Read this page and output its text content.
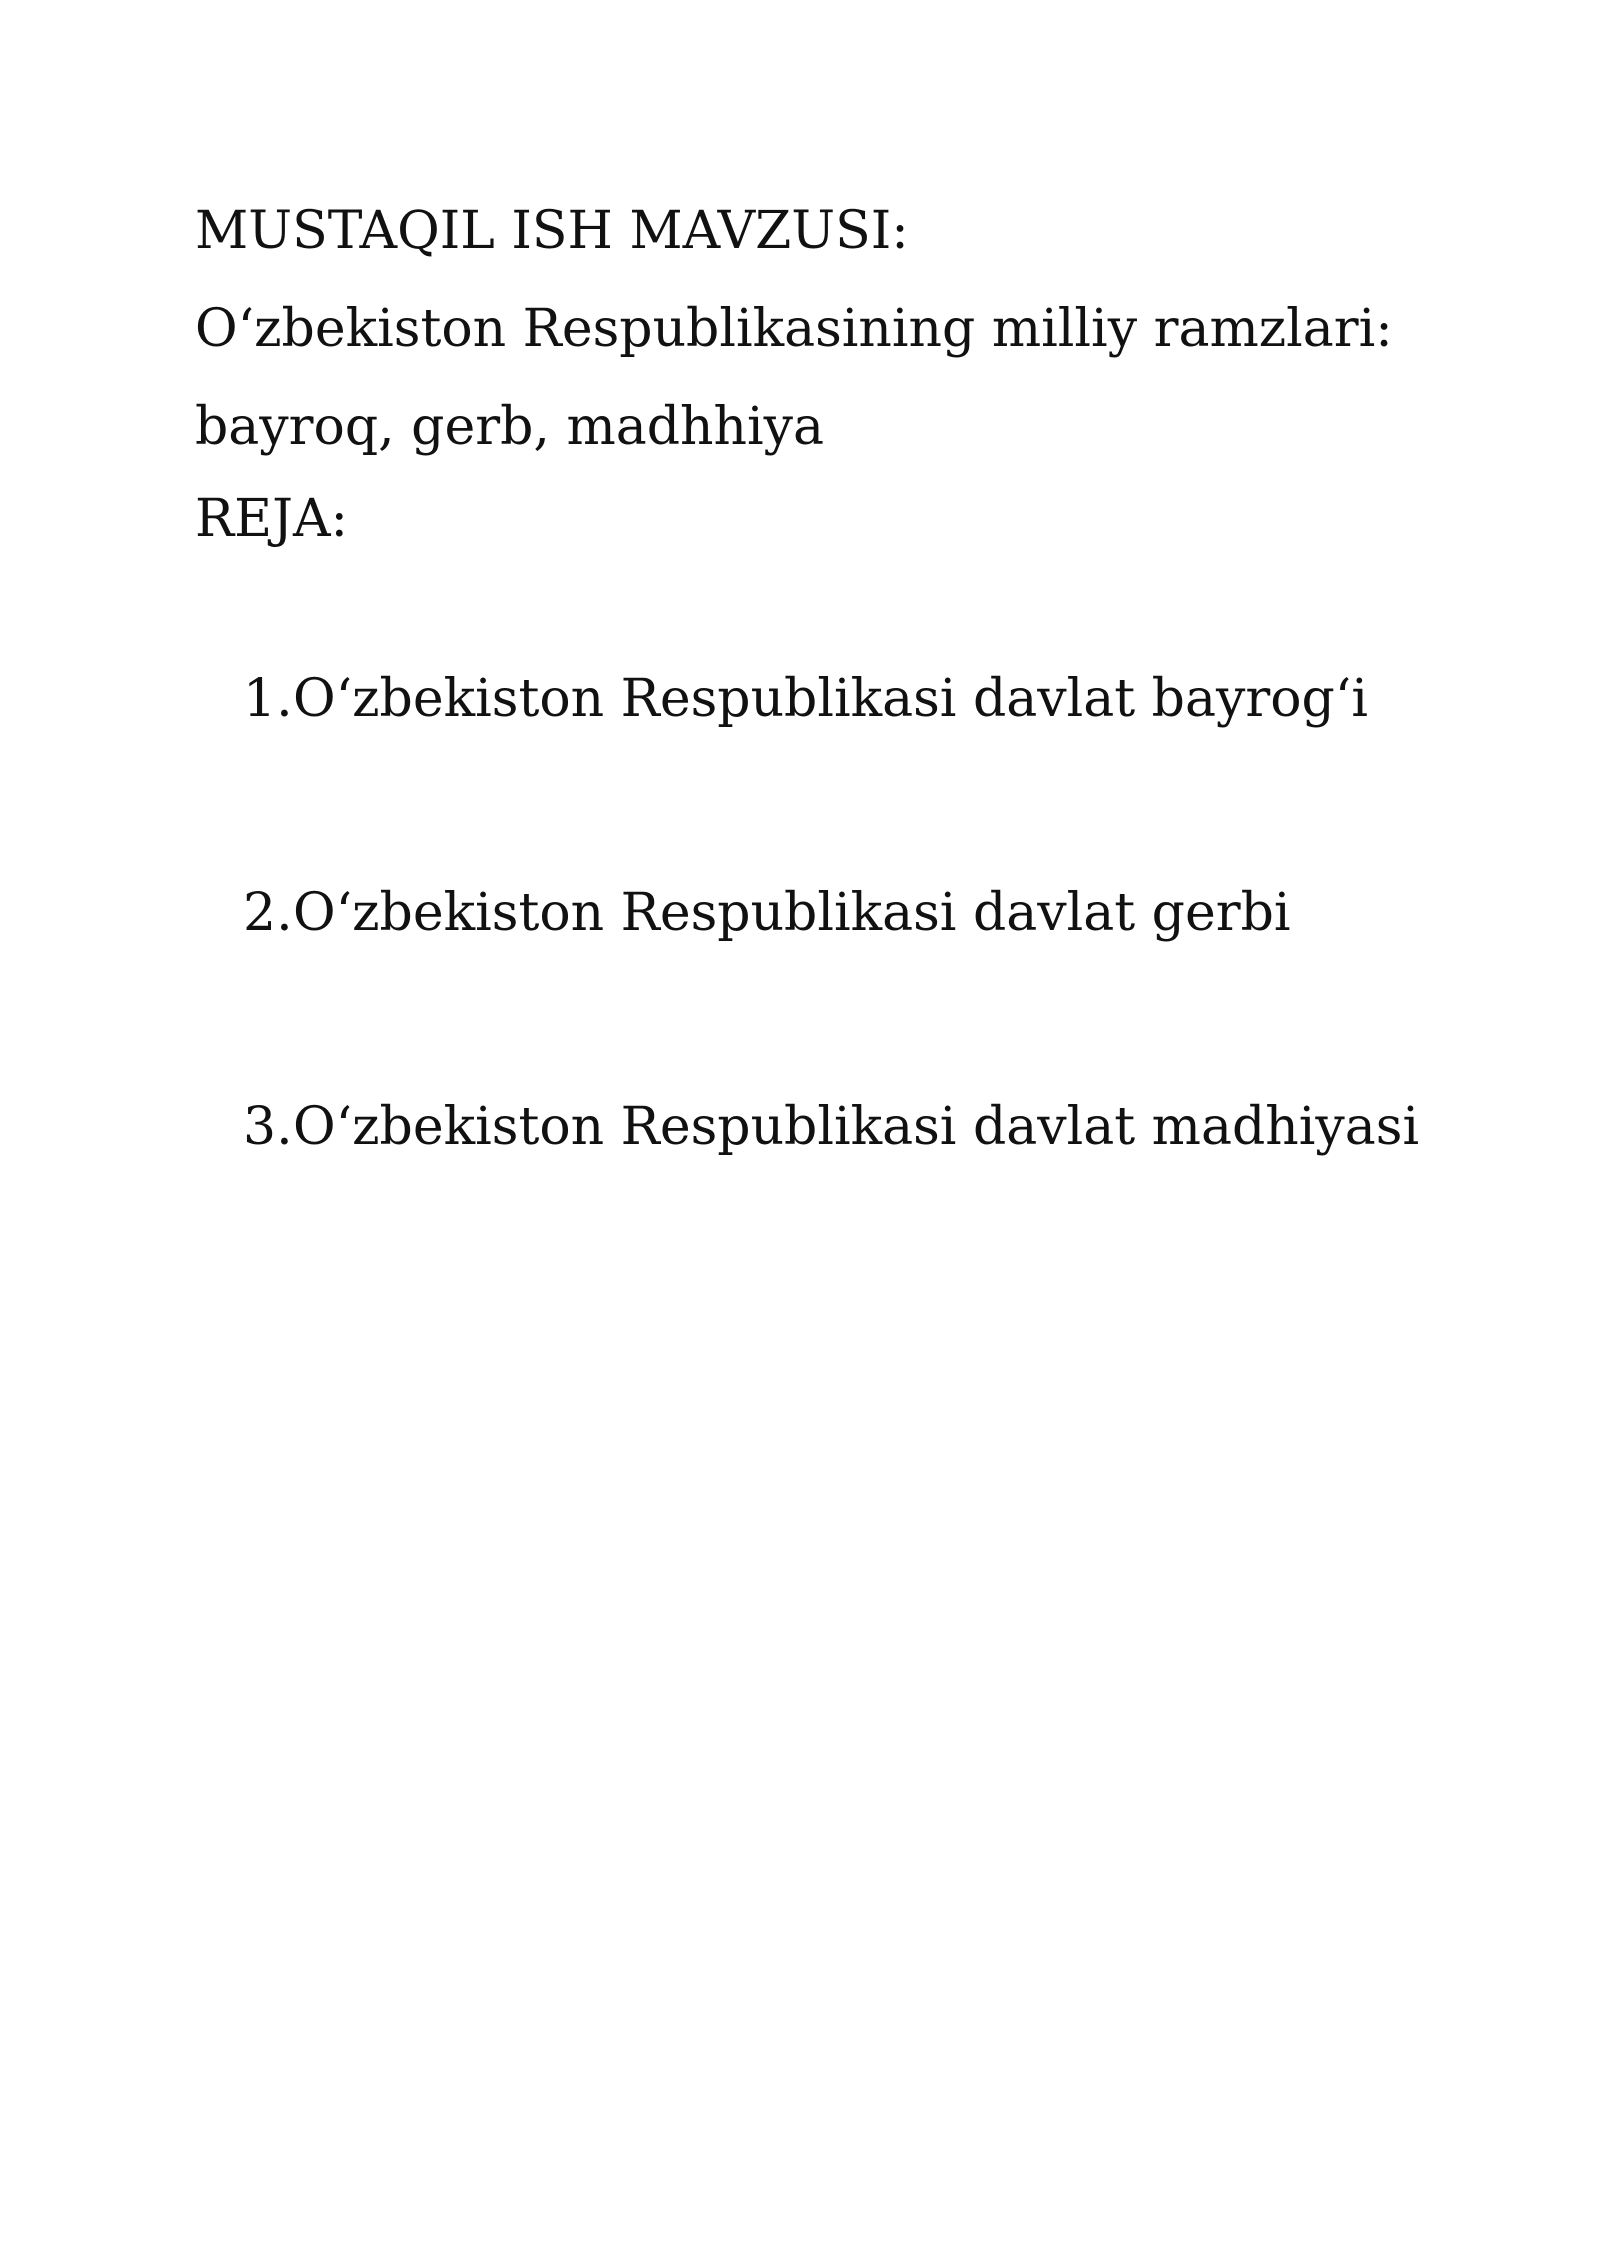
MUSTAQIL ISH MAVZUSI:

O‘zbekiston Respublikasining milliy ramzlari: bayroq, gerb, madhhiya

REJA:

1. O‘zbekiston Respublikasi davlat bayrog‘i
2. O‘zbekiston Respublikasi davlat gerbi
3. O‘zbekiston Respublikasi davlat madhiyasi
